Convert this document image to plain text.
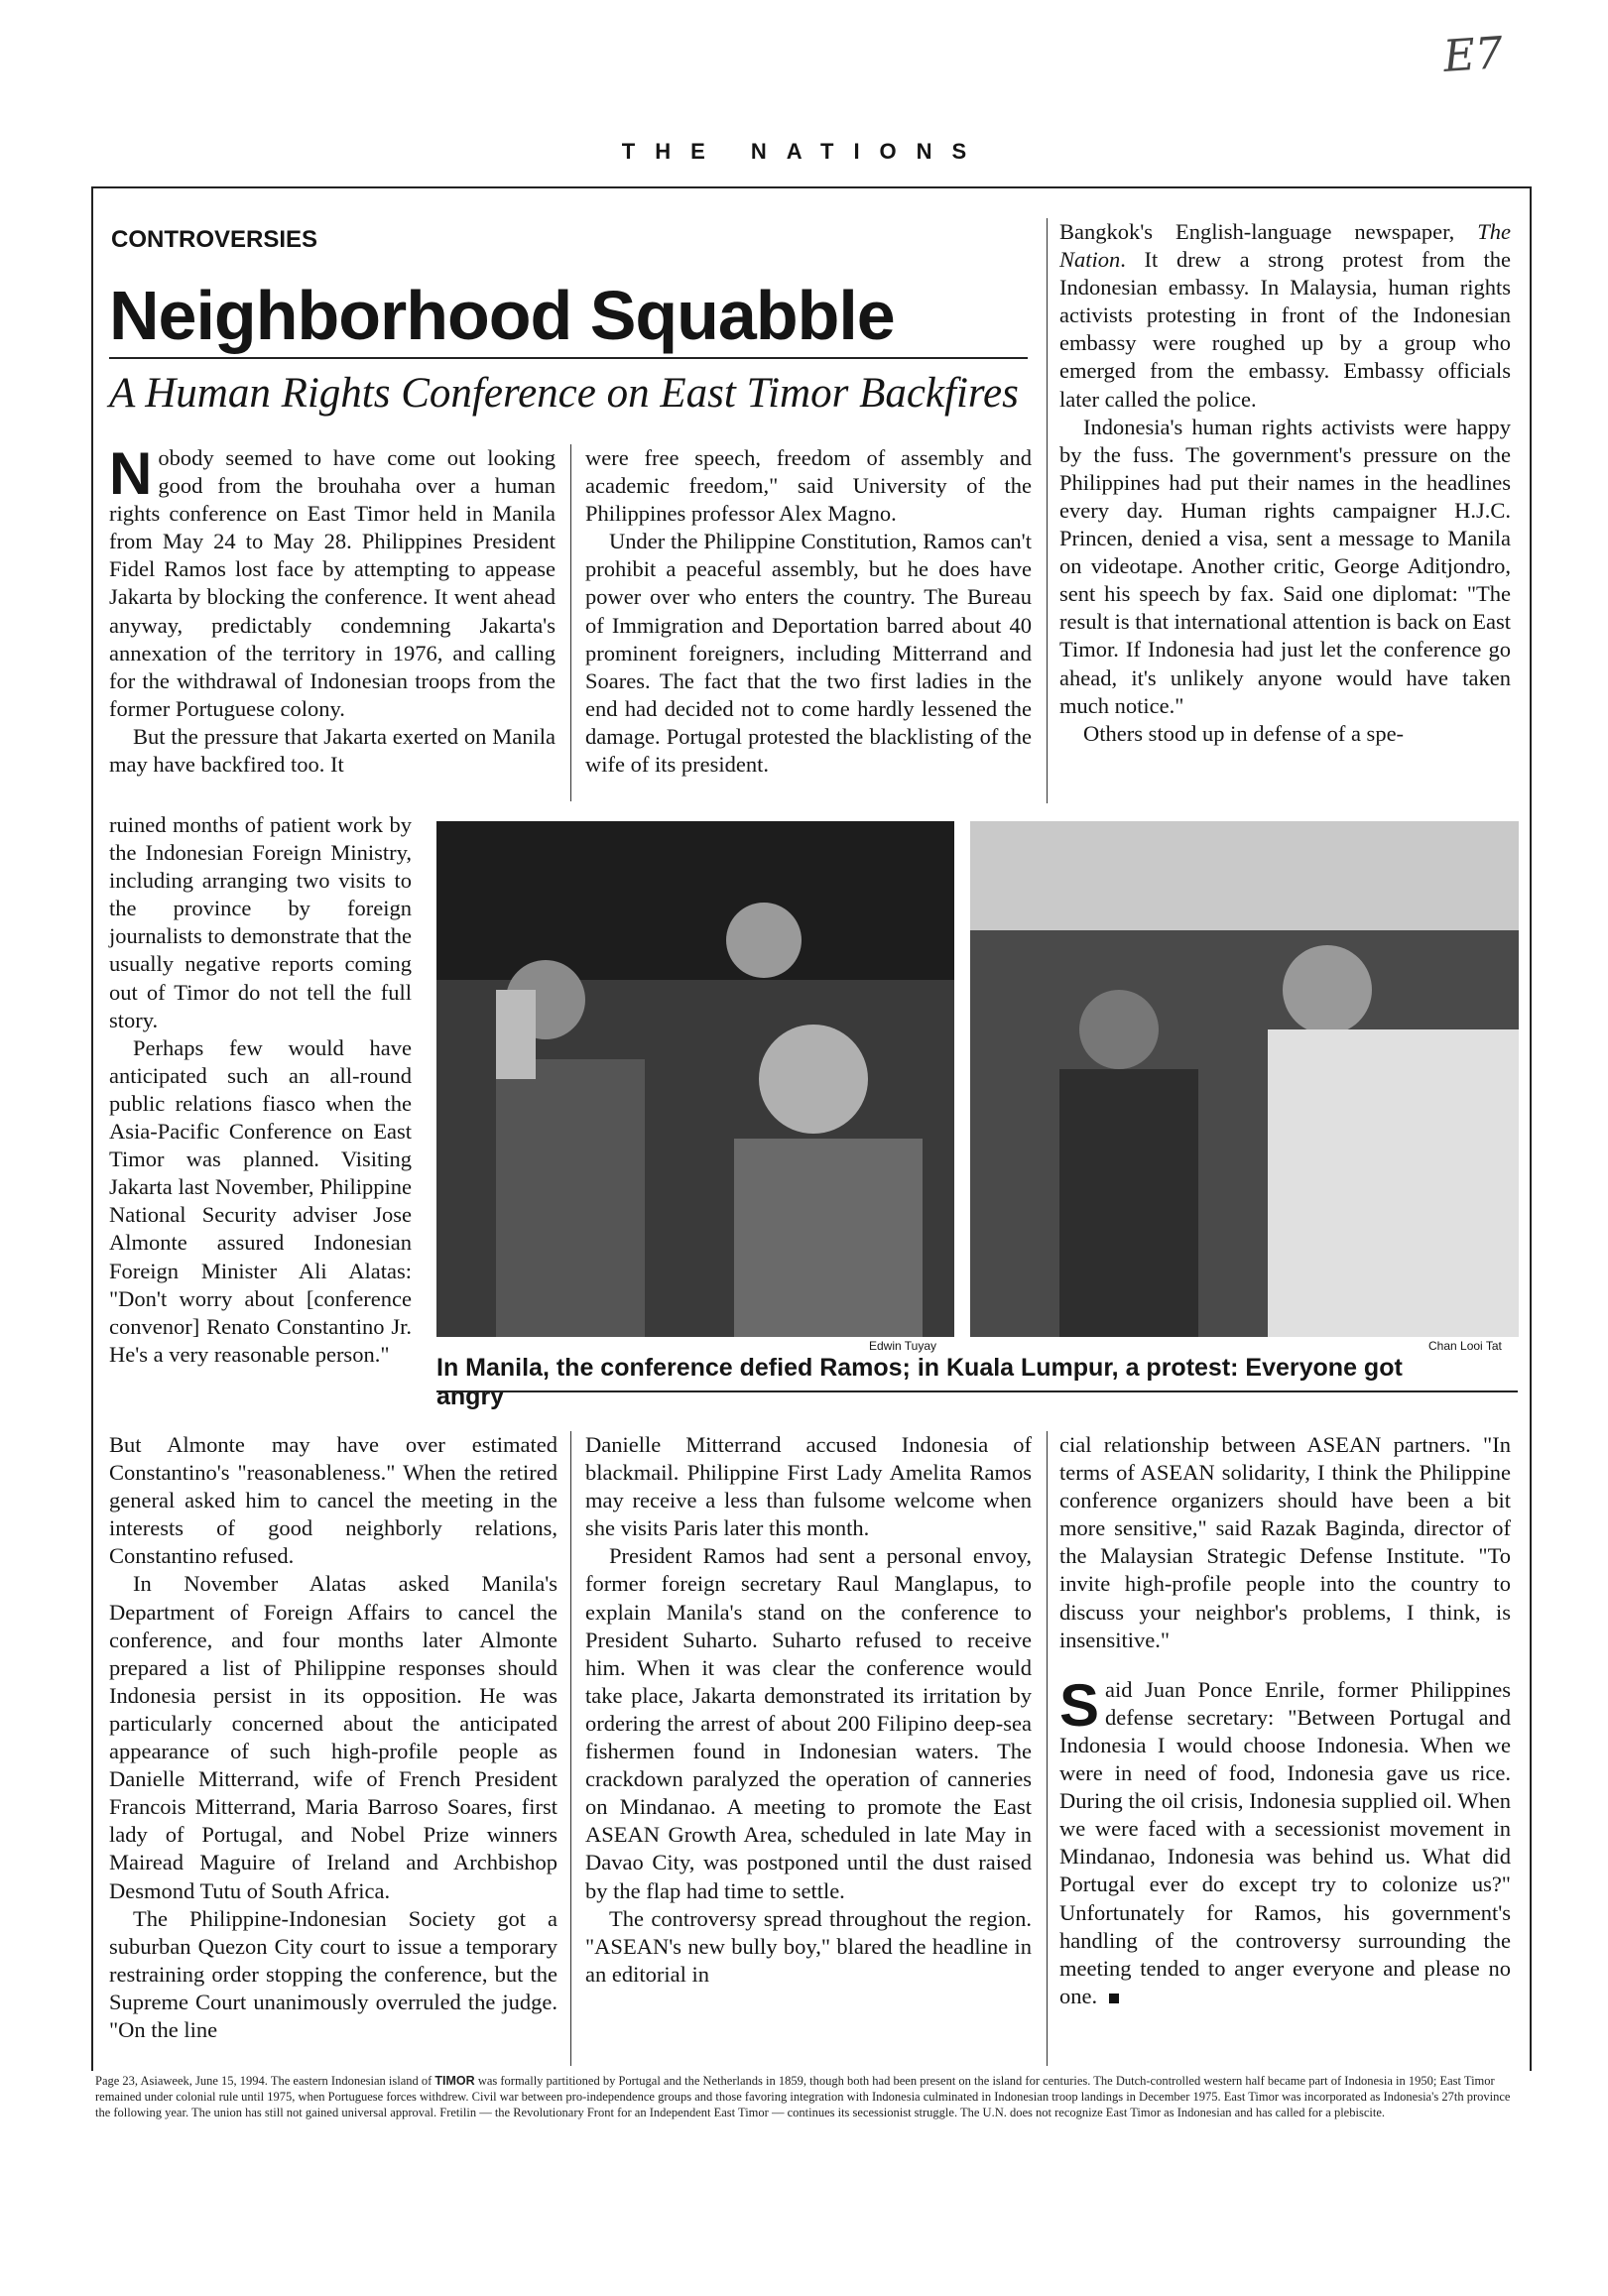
E7
THE NATIONS
CONTROVERSIES
Neighborhood Squabble
A Human Rights Conference on East Timor Backfires

Nobody seemed to have come out looking good from the brouhaha over a human rights conference on East Timor held in Manila from May 24 to May 28. Philippines President Fidel Ramos lost face by attempting to appease Jakarta by blocking the conference. It went ahead anyway, predictably condemning Jakarta's annexation of the territory in 1976, and calling for the withdrawal of Indonesian troops from the former Portuguese colony.

But the pressure that Jakarta exerted on Manila may have backfired too. It

ruined months of patient work by the Indonesian Foreign Ministry, including arranging two visits to the province by foreign journalists to demonstrate that the usually negative reports coming out of Timor do not tell the full story.

Perhaps few would have anticipated such an all-round public relations fiasco when the Asia-Pacific Conference on East Timor was planned. Visiting Jakarta last November, Philippine National Security adviser Jose Almonte assured Indonesian Foreign Minister Ali Alatas: "Don't worry about [conference convenor] Renato Constantino Jr. He's a very reasonable person."

But Almonte may have over estimated Constantino's "reasonableness." When the retired general asked him to cancel the meeting in the interests of good neighborly relations, Constantino refused.

In November Alatas asked Manila's Department of Foreign Affairs to cancel the conference, and four months later Almonte prepared a list of Philippine responses should Indonesia persist in its opposition. He was particularly concerned about the anticipated appearance of such high-profile people as Danielle Mitterrand, wife of French President Francois Mitterrand, Maria Barroso Soares, first lady of Portugal, and Nobel Prize winners Mairead Maguire of Ireland and Archbishop Desmond Tutu of South Africa.

The Philippine-Indonesian Society got a suburban Quezon City court to issue a temporary restraining order stopping the conference, but the Supreme Court unanimously overruled the judge. "On the line

were free speech, freedom of assembly and academic freedom," said University of the Philippines professor Alex Magno.

Under the Philippine Constitution, Ramos can't prohibit a peaceful assembly, but he does have power over who enters the country. The Bureau of Immigration and Deportation barred about 40 prominent foreigners, including Mitterrand and Soares. The fact that the two first ladies in the end had decided not to come hardly lessened the damage. Portugal protested the blacklisting of the wife of its president.

Danielle Mitterrand accused Indonesia of blackmail. Philippine First Lady Amelita Ramos may receive a less than fulsome welcome when she visits Paris later this month.

President Ramos had sent a personal envoy, former foreign secretary Raul Manglapus, to explain Manila's stand on the conference to President Suharto. Suharto refused to receive him. When it was clear the conference would take place, Jakarta demonstrated its irritation by ordering the arrest of about 200 Filipino deep-sea fishermen found in Indonesian waters. The crackdown paralyzed the operation of canneries on Mindanao. A meeting to promote the East ASEAN Growth Area, scheduled in late May in Davao City, was postponed until the dust raised by the flap had time to settle.

The controversy spread throughout the region. "ASEAN's new bully boy," blared the headline in an editorial in

Bangkok's English-language newspaper, The Nation. It drew a strong protest from the Indonesian embassy. In Malaysia, human rights activists protesting in front of the Indonesian embassy were roughed up by a group who emerged from the embassy. Embassy officials later called the police.

Indonesia's human rights activists were happy by the fuss. The government's pressure on the Philippines had put their names in the headlines every day. Human rights campaigner H.J.C. Princen, denied a visa, sent a message to Manila on videotape. Another critic, George Aditjondro, sent his speech by fax. Said one diplomat: "The result is that international attention is back on East Timor. If Indonesia had just let the conference go ahead, it's unlikely anyone would have taken much notice."

Others stood up in defense of a spe-

cial relationship between ASEAN partners. "In terms of ASEAN solidarity, I think the Philippine conference organizers should have been a bit more sensitive," said Razak Baginda, director of the Malaysian Strategic Defense Institute. "To invite high-profile people into the country to discuss your neighbor's problems, I think, is insensitive."

Said Juan Ponce Enrile, former Philippines defense secretary: "Between Portugal and Indonesia I would choose Indonesia. When we were in need of food, Indonesia gave us rice. During the oil crisis, Indonesia supplied oil. When we were faced with a secessionist movement in Mindanao, Indonesia was behind us. What did Portugal ever do except try to colonize us?" Unfortunately for Ramos, his government's handling of the controversy surrounding the meeting tended to anger everyone and please no one.

Edwin Tuyay	Chan Looi Tat
In Manila, the conference defied Ramos; in Kuala Lumpur, a protest: Everyone got angry
Page 23, Asiaweek, June 15, 1994. The eastern Indonesian island of TIMOR was formally partitioned by Portugal and the Netherlands in 1859, though both had been present on the island for centuries. The Dutch-controlled western half became part of Indonesia in 1950; East Timor remained under colonial rule until 1975, when Portuguese forces withdrew. Civil war between pro-independence groups and those favoring integration with Indonesia culminated in Indonesian troop landings in December 1975. East Timor was incorporated as Indonesia's 27th province the following year. The union has still not gained universal approval. Fretilin — the Revolutionary Front for an Independent East Timor — continues its secessionist struggle. The U.N. does not recognize East Timor as Indonesian and has called for a plebiscite.
